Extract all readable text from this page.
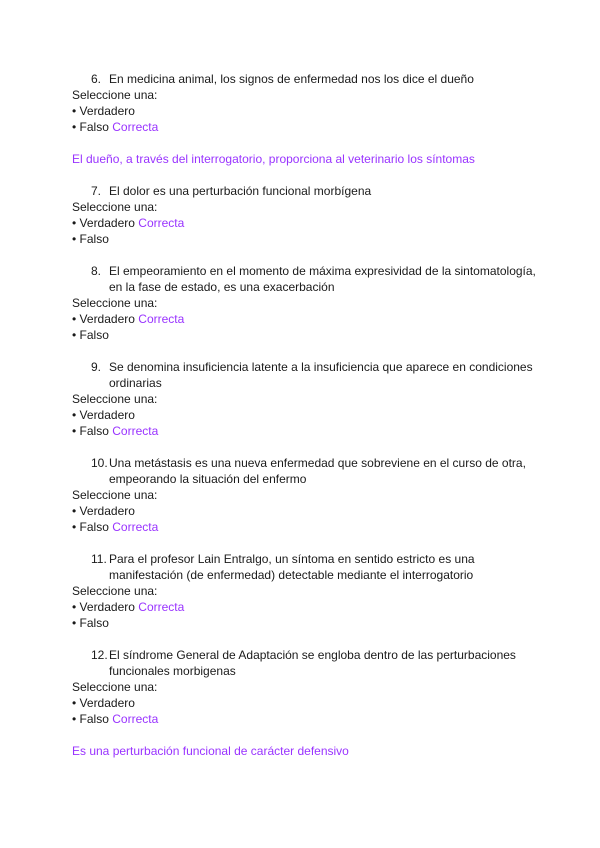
6. En medicina animal, los signos de enfermedad nos los dice el dueño
Seleccione una:
• Verdadero
• Falso Correcta
El dueño, a través del interrogatorio, proporciona al veterinario los síntomas
7. El dolor es una perturbación funcional morbígena
Seleccione una:
• Verdadero Correcta
• Falso
8. El empeoramiento en el momento de máxima expresividad de la sintomatología, en la fase de estado, es una exacerbación
Seleccione una:
• Verdadero Correcta
• Falso
9. Se denomina insuficiencia latente a la insuficiencia que aparece en condiciones ordinarias
Seleccione una:
• Verdadero
• Falso Correcta
10. Una metástasis es una nueva enfermedad que sobreviene en el curso de otra, empeorando la situación del enfermo
Seleccione una:
• Verdadero
• Falso Correcta
11. Para el profesor Lain Entralgo, un síntoma en sentido estricto es una manifestación (de enfermedad) detectable mediante el interrogatorio
Seleccione una:
• Verdadero Correcta
• Falso
12. El síndrome General de Adaptación se engloba dentro de las perturbaciones funcionales morbigenas
Seleccione una:
• Verdadero
• Falso Correcta
Es una perturbación funcional de carácter defensivo
